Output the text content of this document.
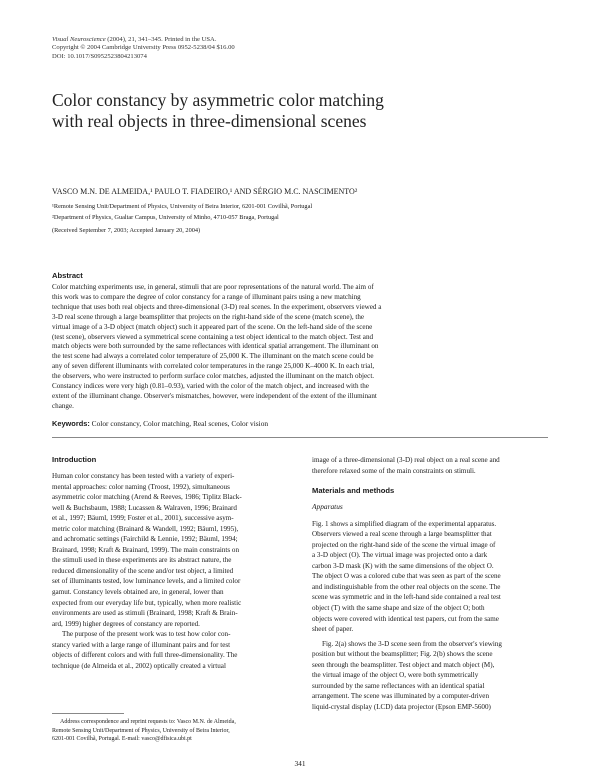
Visual Neuroscience (2004), 21, 341–345. Printed in the USA.
Copyright © 2004 Cambridge University Press 0952-5238/04 $16.00
DOI: 10.1017/S0952523804213074
Color constancy by asymmetric color matching
with real objects in three-dimensional scenes
VASCO M.N. DE ALMEIDA,¹ PAULO T. FIADEIRO,¹ AND SÉRGIO M.C. NASCIMENTO²
¹Remote Sensing Unit/Department of Physics, University of Beira Interior, 6201-001 Covilhã, Portugal
²Department of Physics, Gualtar Campus, University of Minho, 4710-057 Braga, Portugal
(Received September 7, 2003; Accepted January 20, 2004)
Abstract
Color matching experiments use, in general, stimuli that are poor representations of the natural world. The aim of
this work was to compare the degree of color constancy for a range of illuminant pairs using a new matching
technique that uses both real objects and three-dimensional (3-D) real scenes. In the experiment, observers viewed a
3-D real scene through a large beamsplitter that projects on the right-hand side of the scene (match scene), the
virtual image of a 3-D object (match object) such it appeared part of the scene. On the left-hand side of the scene
(test scene), observers viewed a symmetrical scene containing a test object identical to the match object. Test and
match objects were both surrounded by the same reflectances with identical spatial arrangement. The illuminant on
the test scene had always a correlated color temperature of 25,000 K. The illuminant on the match scene could be
any of seven different illuminants with correlated color temperatures in the range 25,000 K–4000 K. In each trial,
the observers, who were instructed to perform surface color matches, adjusted the illuminant on the match object.
Constancy indices were very high (0.81–0.93), varied with the color of the match object, and increased with the
extent of the illuminant change. Observer's mismatches, however, were independent of the extent of the illuminant
change.
Keywords: Color constancy, Color matching, Real scenes, Color vision
Introduction
Human color constancy has been tested with a variety of experi-
mental approaches: color naming (Troost, 1992), simultaneous
asymmetric color matching (Arend & Reeves, 1986; Tiplitz Black-
well & Buchsbaum, 1988; Lucassen & Walraven, 1996; Brainard
et al., 1997; Bäuml, 1999; Foster et al., 2001), successive asym-
metric color matching (Brainard & Wandell, 1992; Bäuml, 1995),
and achromatic settings (Fairchild & Lennie, 1992; Bäuml, 1994;
Brainard, 1998; Kraft & Brainard, 1999). The main constraints on
the stimuli used in these experiments are its abstract nature, the
reduced dimensionality of the scene and/or test object, a limited
set of illuminants tested, low luminance levels, and a limited color
gamut. Constancy levels obtained are, in general, lower than
expected from our everyday life but, typically, when more realistic
environments are used as stimuli (Brainard, 1998; Kraft & Brain-
ard, 1999) higher degrees of constancy are reported.
The purpose of the present work was to test how color con-
stancy varied with a large range of illuminant pairs and for test
objects of different colors and with full three-dimensionality. The
technique (de Almeida et al., 2002) optically created a virtual
image of a three-dimensional (3-D) real object on a real scene and
therefore relaxed some of the main constraints on stimuli.
Materials and methods
Apparatus
Fig. 1 shows a simplified diagram of the experimental apparatus.
Observers viewed a real scene through a large beamsplitter that
projected on the right-hand side of the scene the virtual image of
a 3-D object (O). The virtual image was projected onto a dark
carbon 3-D mask (K) with the same dimensions of the object O.
The object O was a colored cube that was seen as part of the scene
and indistinguishable from the other real objects on the scene. The
scene was symmetric and in the left-hand side contained a real test
object (T) with the same shape and size of the object O; both
objects were covered with identical test papers, cut from the same
sheet of paper.
Fig. 2(a) shows the 3-D scene seen from the observer's viewing
position but without the beamsplitter; Fig. 2(b) shows the scene
seen through the beamsplitter. Test object and match object (M),
the virtual image of the object O, were both symmetrically
surrounded by the same reflectances with an identical spatial
arrangement. The scene was illuminated by a computer-driven
liquid-crystal display (LCD) data projector (Epson EMP-5600)
Address correspondence and reprint requests to: Vasco M.N. de Almeida,
Remote Sensing Unit/Department of Physics, University of Beira Interior,
6201-001 Covilhã, Portugal. E-mail: vasco@dfisica.ubi.pt
341
